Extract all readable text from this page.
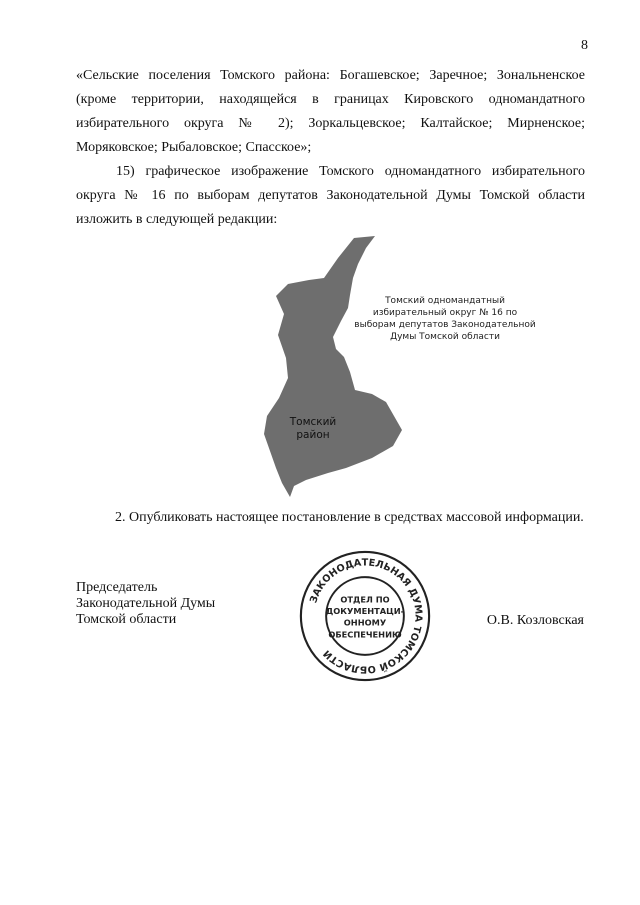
8
«Сельские поселения Томского района: Богашевское; Заречное; Зональненское (кроме территории, находящейся в границах Кировского одномандатного избирательного округа № 2); Зоркальцевское; Калтайское; Мирненское; Моряковское; Рыбаловское; Спасское»;
15) графическое изображение Томского одномандатного избирательного округа № 16 по выборам депутатов Законодательной Думы Томской области изложить в следующей редакции:
Томский одномандатный
избирательный округ № 16 по
выборам депутатов Законодательной
Думы Томской области
Томский
район
2. Опубликовать настоящее постановление в средствах массовой информации.
Председатель
Законодательной Думы
Томской области	О.В. Козловская
ЗАКОНОДАТЕЛЬНАЯ ДУМА ТОМСКОЙ ОБЛАСТИ
ОТДЕЛ ПО
ДОКУМЕНТАЦИ-
ОННОМУ
ОБЕСПЕЧЕНИЮ
